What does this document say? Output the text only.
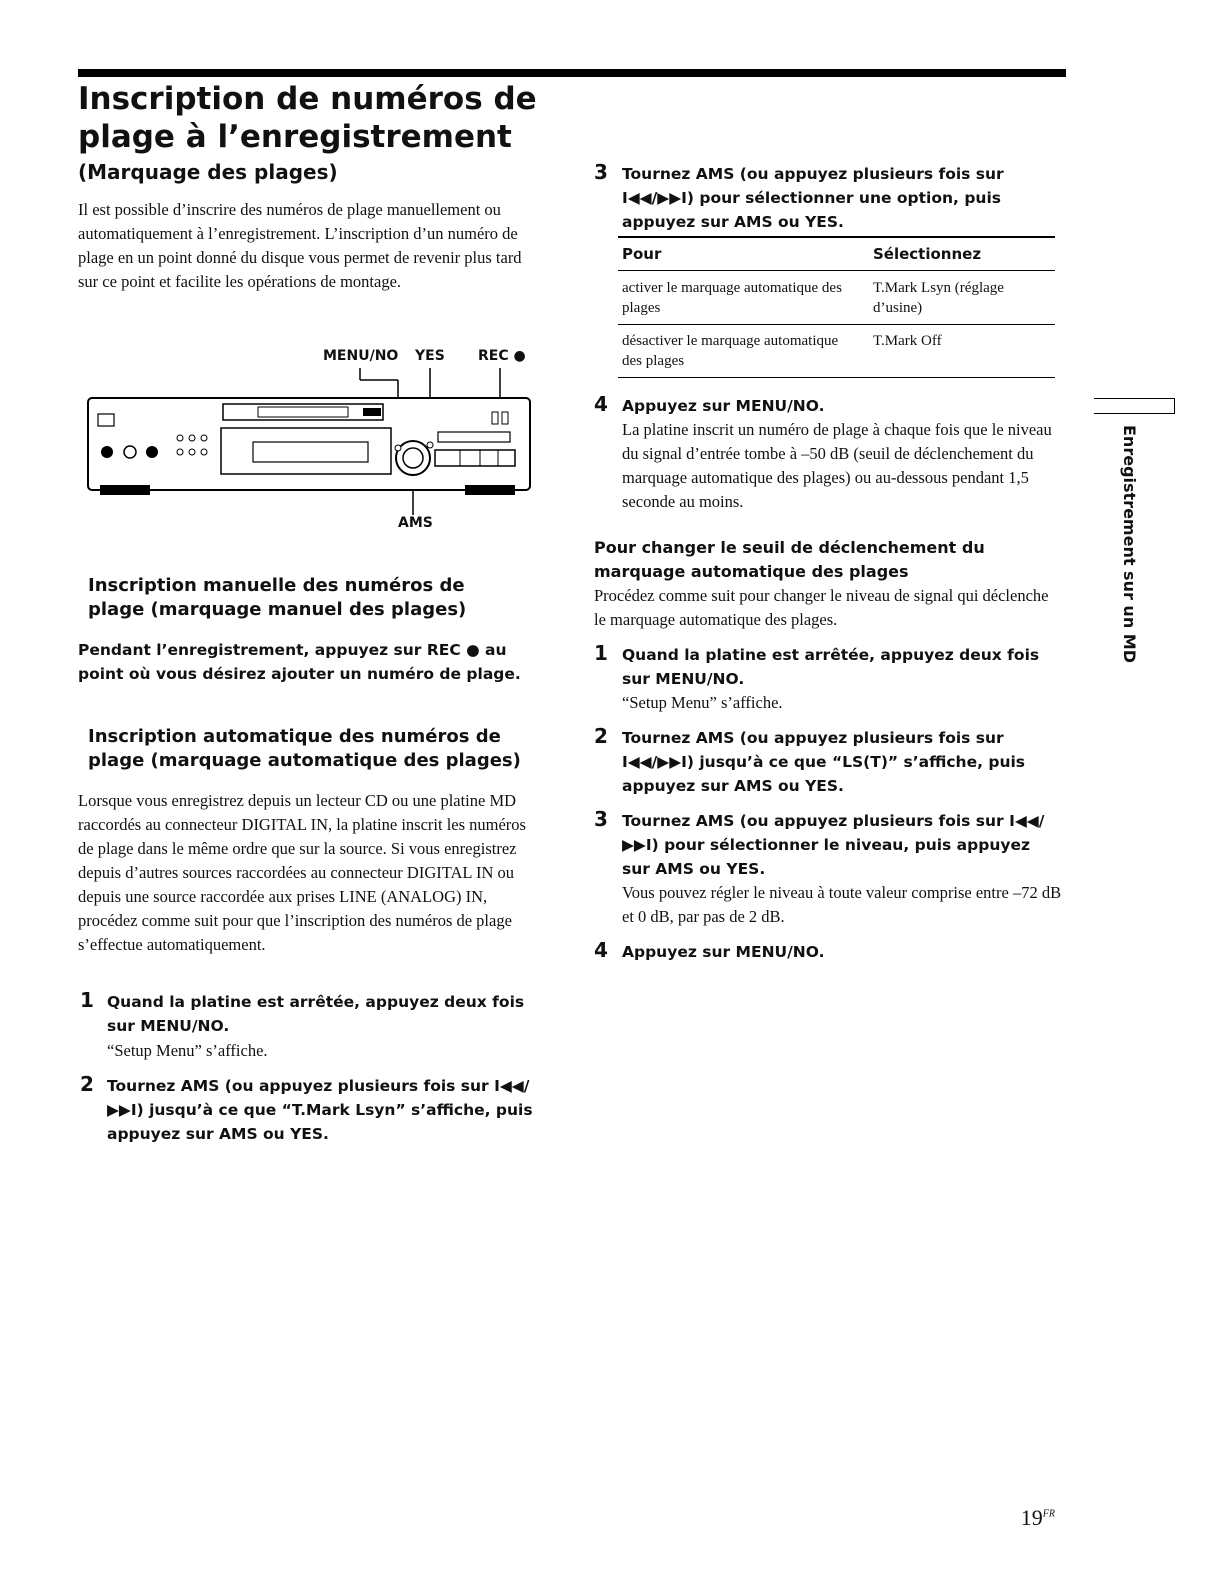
Inscription de numéros de plage à l’enregistrement
(Marquage des plages)
Il est possible d’inscrire des numéros de plage manuellement ou automatiquement à l’enregistrement. L’inscription d’un numéro de plage en un point donné du disque vous permet de revenir plus tard sur ce point et facilite les opérations de montage.
MENU/NO YES REC ●
AMS
Inscription manuelle des numéros de plage (marquage manuel des plages)
Pendant l’enregistrement, appuyez sur REC ● au point où vous désirez ajouter un numéro de plage.
Inscription automatique des numéros de plage (marquage automatique des plages)
Lorsque vous enregistrez depuis un lecteur CD ou une platine MD raccordés au connecteur DIGITAL IN, la platine inscrit les numéros de plage dans le même ordre que sur la source. Si vous enregistrez depuis d’autres sources raccordées au connecteur DIGITAL IN ou depuis une source raccordée aux prises LINE (ANALOG) IN, procédez comme suit pour que l’inscription des numéros de plage s’effectue automatiquement.
1 Quand la platine est arrêtée, appuyez deux fois sur MENU/NO.
“Setup Menu” s’affiche.
2 Tournez AMS (ou appuyez plusieurs fois sur I◀◀/▶▶I) jusqu’à ce que “T.Mark Lsyn” s’affiche, puis appuyez sur AMS ou YES.
3 Tournez AMS (ou appuyez plusieurs fois sur I◀◀/▶▶I) pour sélectionner une option, puis appuyez sur AMS ou YES.
Pour	Sélectionnez
activer le marquage automatique des plages
T.Mark Lsyn (réglage d’usine)
désactiver le marquage automatique des plages
T.Mark Off
4 Appuyez sur MENU/NO.
La platine inscrit un numéro de plage à chaque fois que le niveau du signal d’entrée tombe à –50 dB (seuil de déclenchement du marquage automatique des plages) ou au-dessous pendant 1,5 seconde au moins.
Pour changer le seuil de déclenchement du marquage automatique des plages
Procédez comme suit pour changer le niveau de signal qui déclenche le marquage automatique des plages.
1 Quand la platine est arrêtée, appuyez deux fois sur MENU/NO.
“Setup Menu” s’affiche.
2 Tournez AMS (ou appuyez plusieurs fois sur I◀◀/▶▶I) jusqu’à ce que “LS(T)” s’affiche, puis appuyez sur AMS ou YES.
3 Tournez AMS (ou appuyez plusieurs fois sur I◀◀/▶▶I) pour sélectionner le niveau, puis appuyez sur AMS ou YES.
Vous pouvez régler le niveau à toute valeur comprise entre –72 dB et 0 dB, par pas de 2 dB.
4 Appuyez sur MENU/NO.
Enregistrement sur un MD
$19^{FR}$
